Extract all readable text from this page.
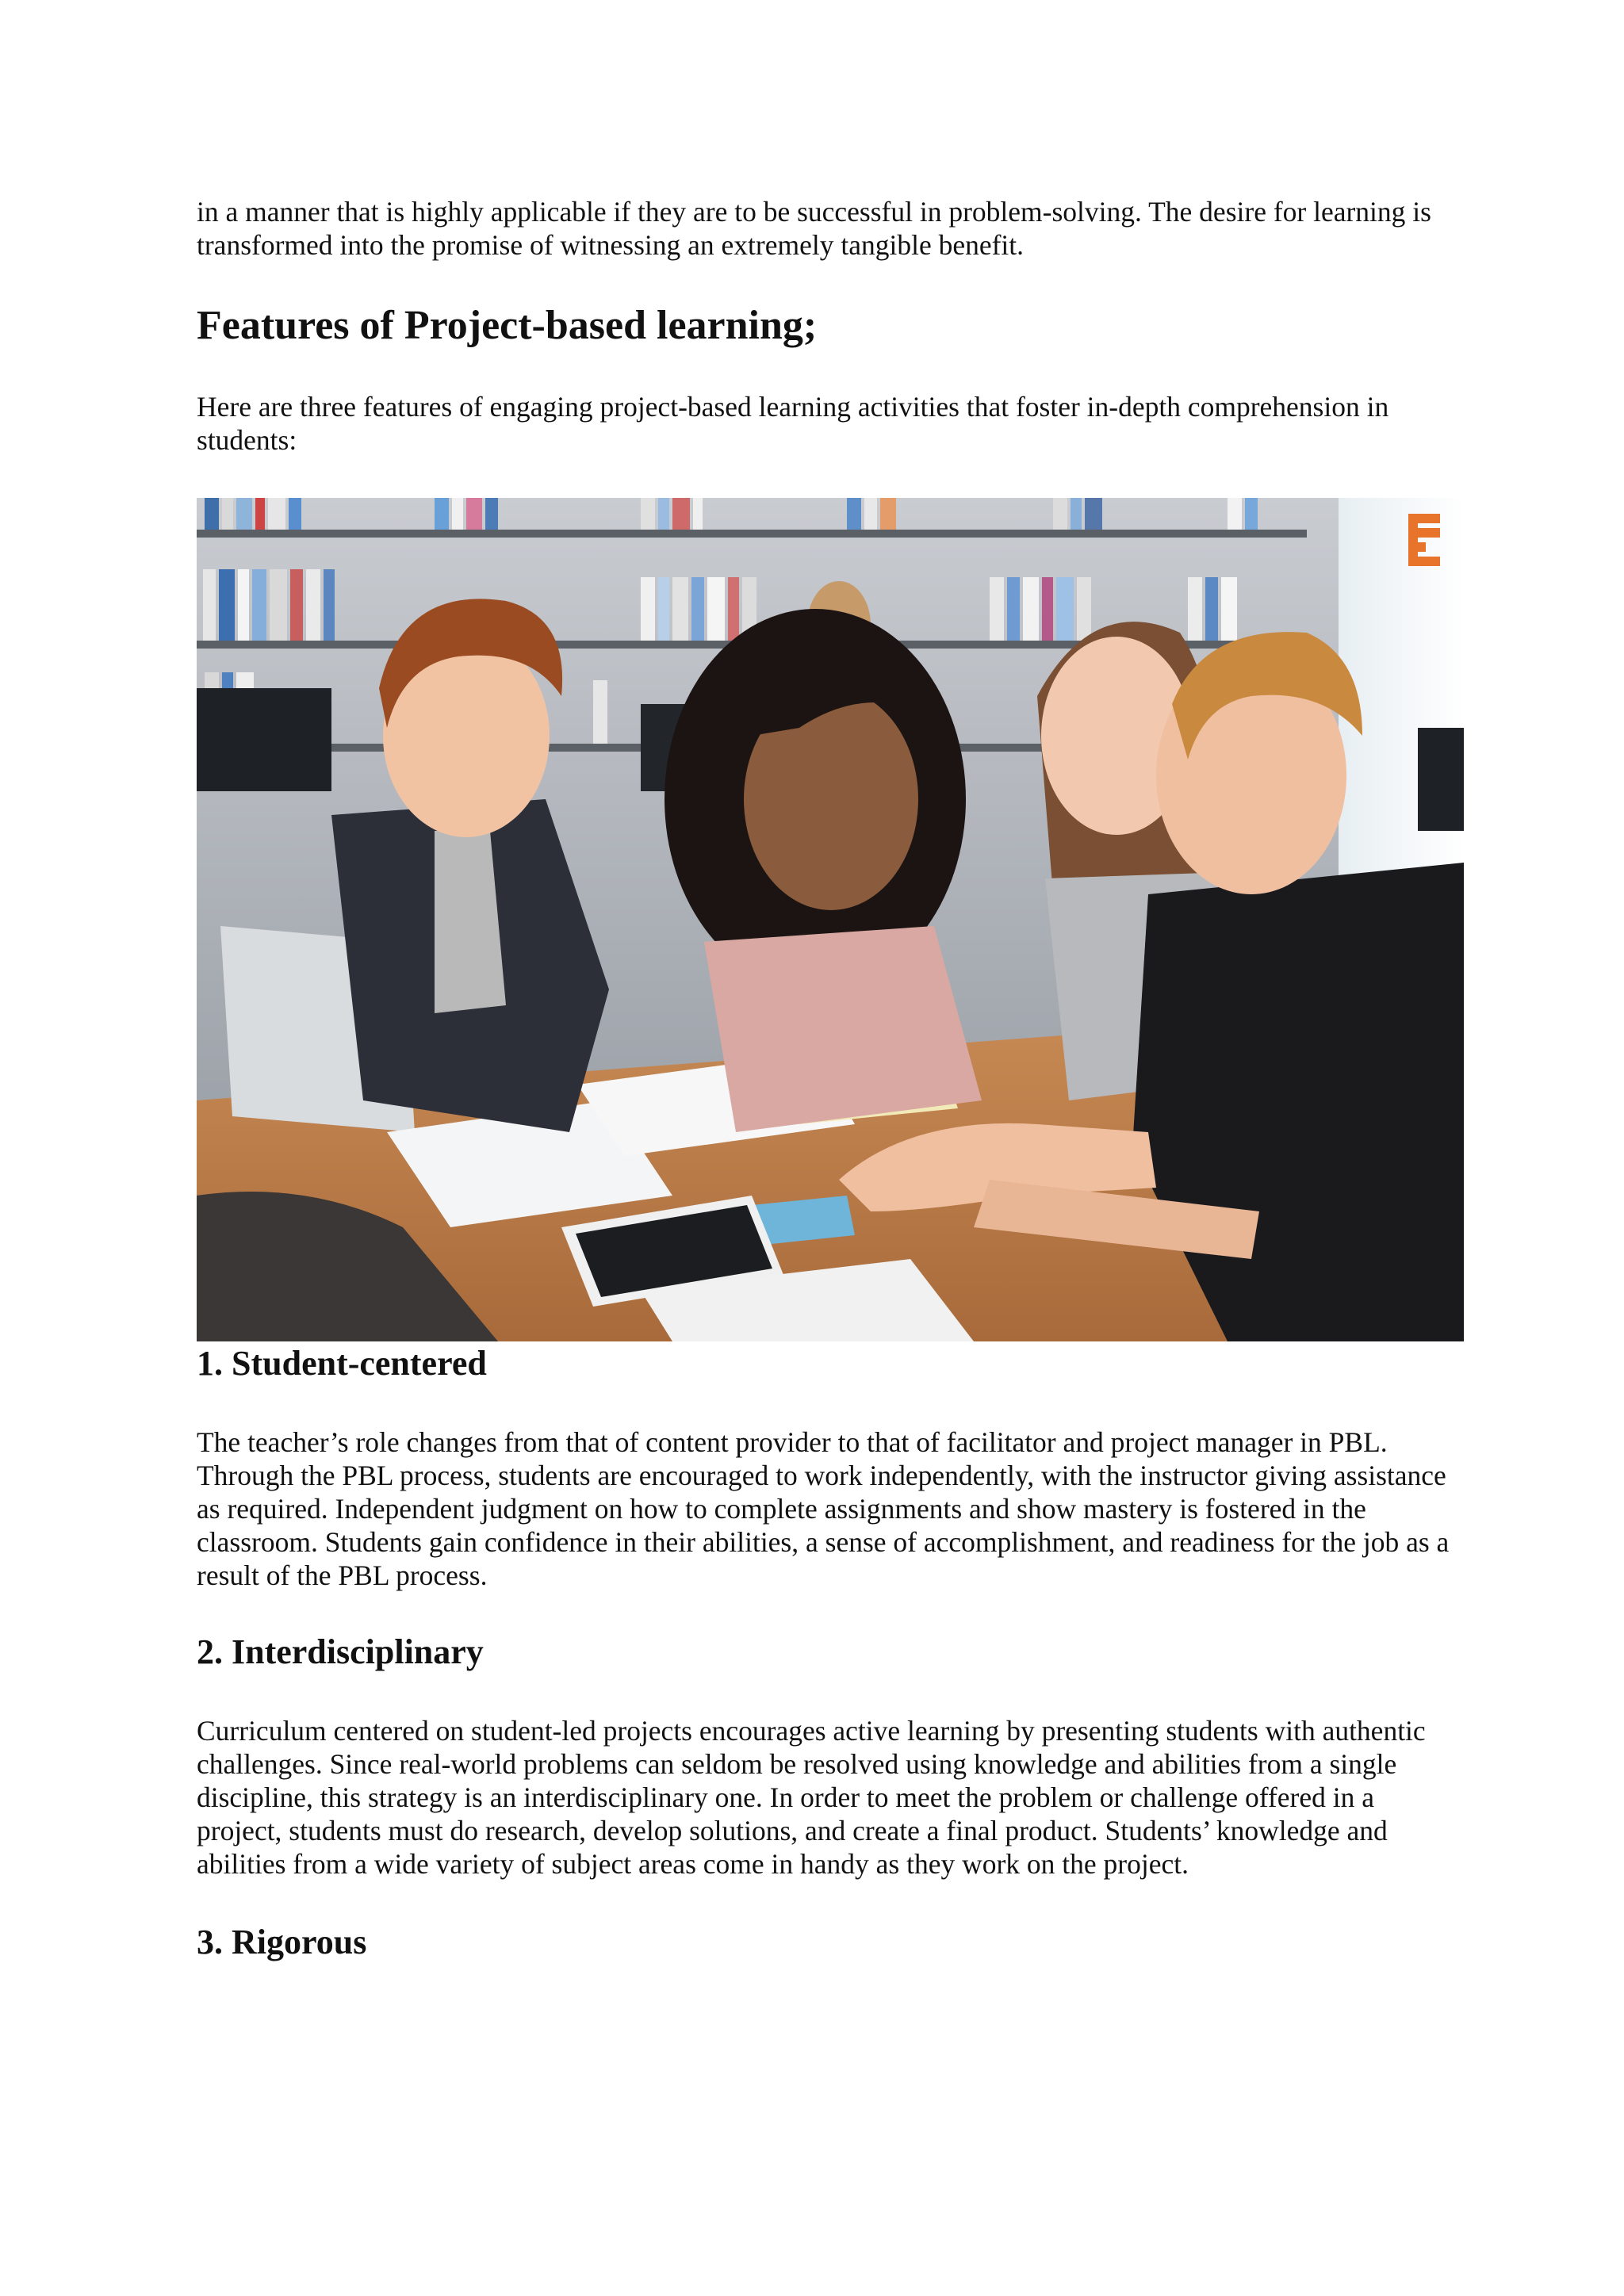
in a manner that is highly applicable if they are to be successful in problem-solving. The desire for learning is transformed into the promise of witnessing an extremely tangible benefit.

Features of Project-based learning;

Here are three features of engaging project-based learning activities that foster in-depth comprehension in students:

1. Student-centered

The teacher’s role changes from that of content provider to that of facilitator and project manager in PBL. Through the PBL process, students are encouraged to work independently, with the instructor giving assistance as required. Independent judgment on how to complete assignments and show mastery is fostered in the classroom. Students gain confidence in their abilities, a sense of accomplishment, and readiness for the job as a result of the PBL process.

2. Interdisciplinary

Curriculum centered on student-led projects encourages active learning by presenting students with authentic challenges. Since real-world problems can seldom be resolved using knowledge and abilities from a single discipline, this strategy is an interdisciplinary one. In order to meet the problem or challenge offered in a project, students must do research, develop solutions, and create a final product. Students’ knowledge and abilities from a wide variety of subject areas come in handy as they work on the project.

3. Rigorous
